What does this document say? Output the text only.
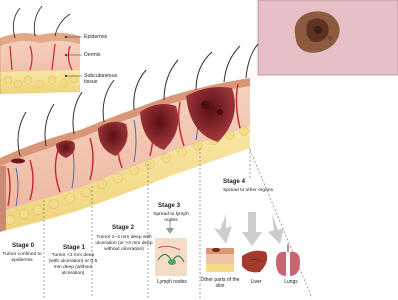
Epidermis
Dermis
Subcutaneous tissue
Stage 0
Tumor confined to epidermis
Stage 1
Tumor <1 mm deep (with ulceration) or 0.5 mm deep (without ulceration)
Stage 2
Tumor 1–4 mm deep with ulceration (or >4 mm deep without ulceration)
Stage 3
Spread to lymph nodes
Stage 4
Spread to other organs
Lymph nodes	Other parts of the skin
Liver	Lungs
